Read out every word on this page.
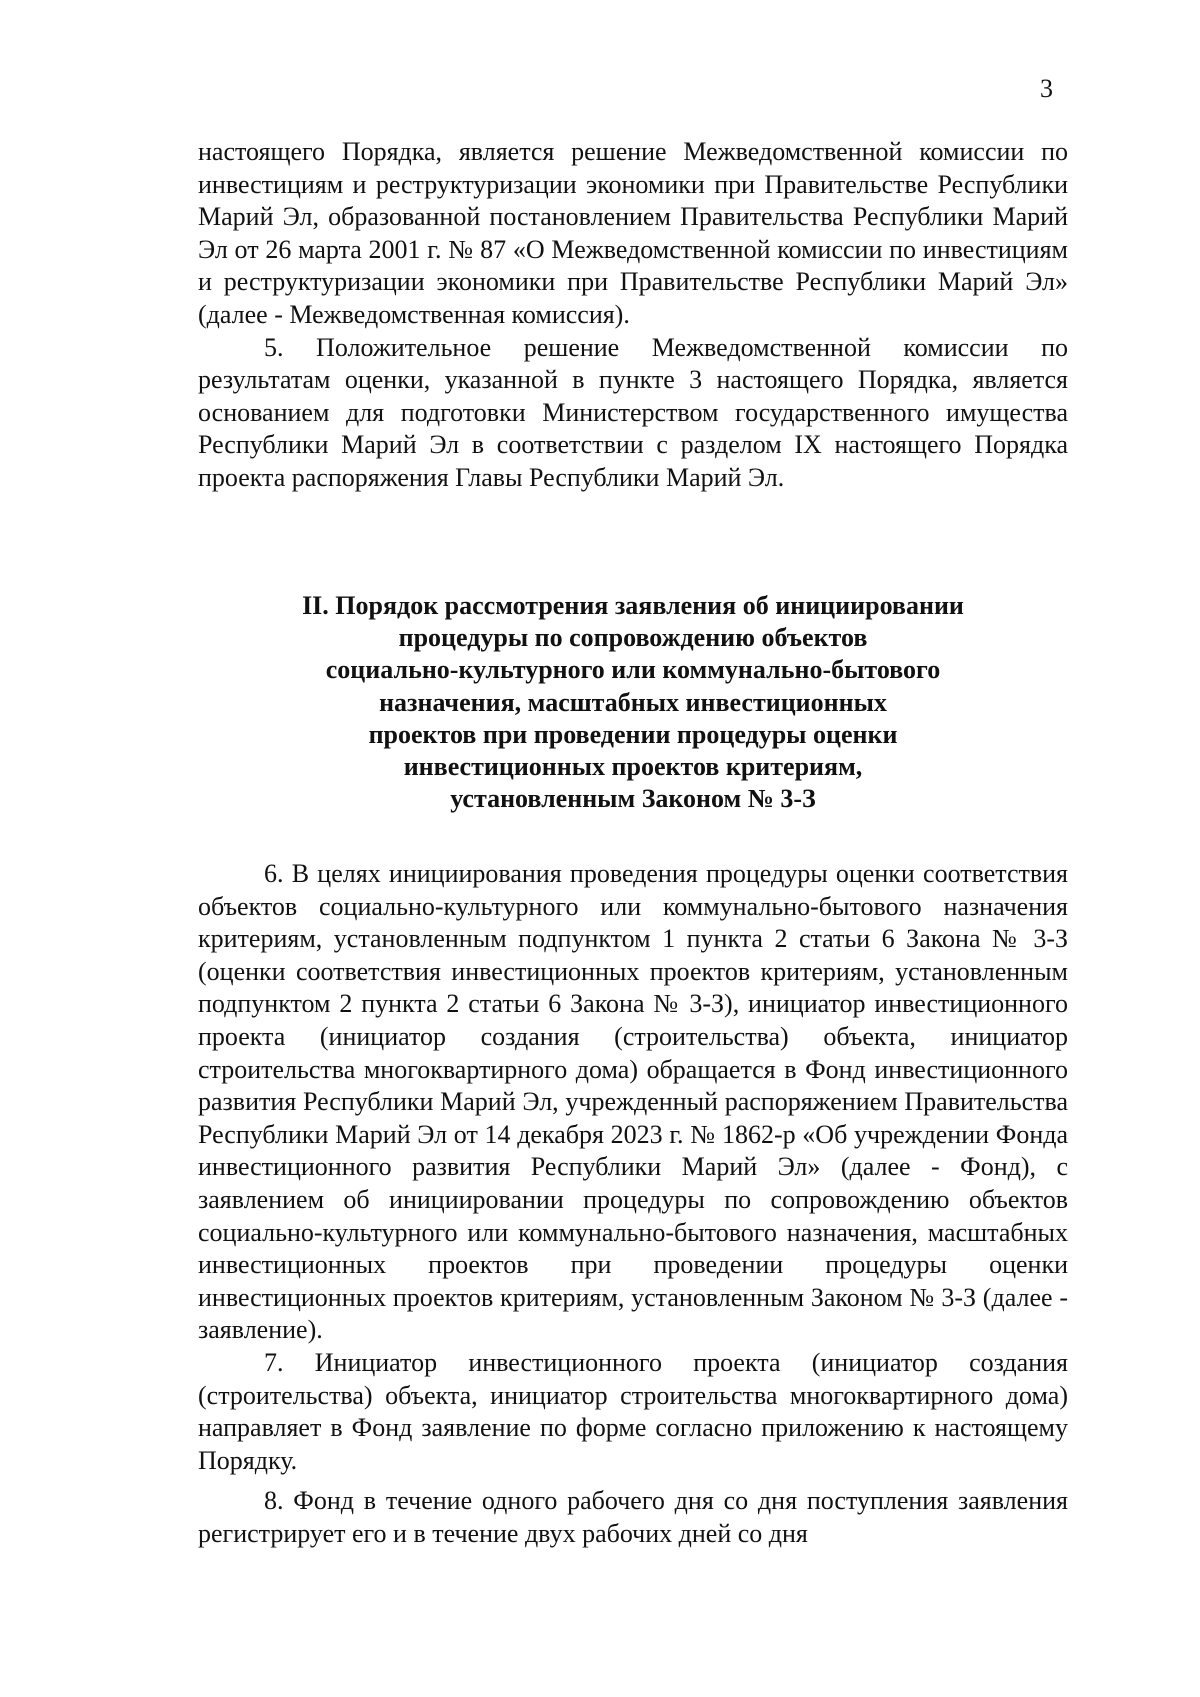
3

настоящего Порядка, является решение Межведомственной комиссии по инвестициям и реструктуризации экономики при Правительстве Республики Марий Эл, образованной постановлением Правительства Республики Марий Эл от 26 марта 2001 г. № 87 «О Межведомственной комиссии по инвестициям и реструктуризации экономики при Правительстве Республики Марий Эл» (далее - Межведомственная комиссия).

5. Положительное решение Межведомственной комиссии по результатам оценки, указанной в пункте 3 настоящего Порядка, является основанием для подготовки Министерством государственного имущества Республики Марий Эл в соответствии с разделом IX настоящего Порядка проекта распоряжения Главы Республики Марий Эл.

II. Порядок рассмотрения заявления об инициировании
процедуры по сопровождению объектов
социально-культурного или коммунально-бытового
назначения, масштабных инвестиционных
проектов при проведении процедуры оценки
инвестиционных проектов критериям,
установленным Законом № 3-З

6. В целях инициирования проведения процедуры оценки соответствия объектов социально-культурного или коммунально-бытового назначения критериям, установленным подпунктом 1 пункта 2 статьи 6 Закона № 3-З (оценки соответствия инвестиционных проектов критериям, установленным подпунктом 2 пункта 2 статьи 6 Закона № 3-З), инициатор инвестиционного проекта (инициатор создания (строительства) объекта, инициатор строительства многоквартирного дома) обращается в Фонд инвестиционного развития Республики Марий Эл, учрежденный распоряжением Правительства Республики Марий Эл от 14 декабря 2023 г. № 1862-р «Об учреждении Фонда инвестиционного развития Республики Марий Эл» (далее - Фонд), с заявлением об инициировании процедуры по сопровождению объектов социально-культурного или коммунально-бытового назначения, масштабных инвестиционных проектов при проведении процедуры оценки инвестиционных проектов критериям, установленным Законом № 3-З (далее - заявление).

7. Инициатор инвестиционного проекта (инициатор создания (строительства) объекта, инициатор строительства многоквартирного дома) направляет в Фонд заявление по форме согласно приложению к настоящему Порядку.

8. Фонд в течение одного рабочего дня со дня поступления заявления регистрирует его и в течение двух рабочих дней со дня
